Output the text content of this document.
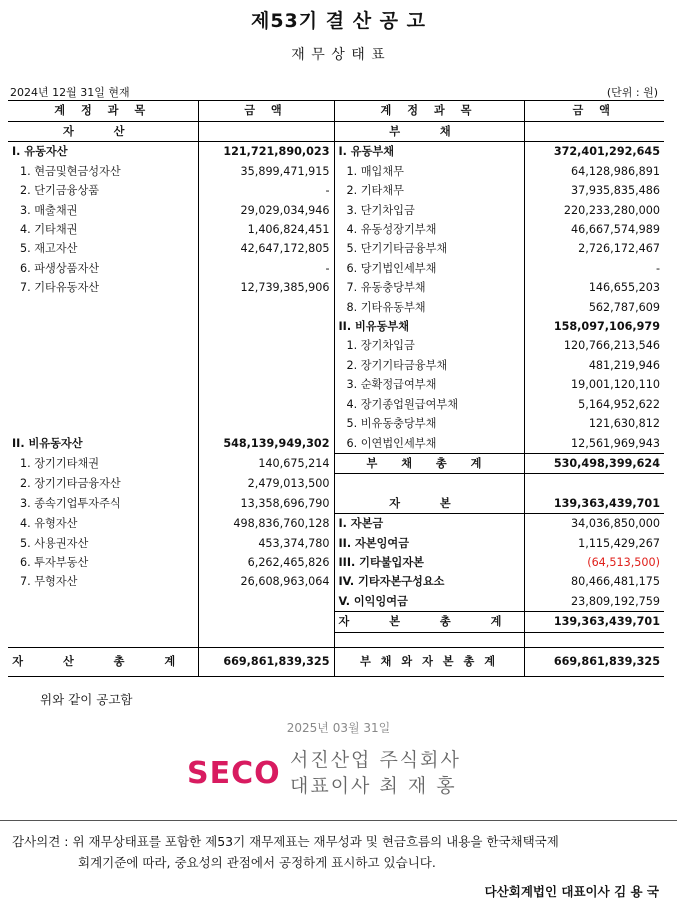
제53기 결 산 공 고
재 무 상 태 표
2024년 12월 31일 현재	(단위 : 원)
계 정 과 목	금 액	계 정 과 목	금 액
자 산		부 채	
I. 유동자산	121,721,890,023	I. 유동부채	372,401,292,645
1. 현금및현금성자산	35,899,471,915	1. 매입채무	64,128,986,891
2. 단기금융상품	-	2. 기타채무	37,935,835,486
3. 매출채권	29,029,034,946	3. 단기차입금	220,233,280,000
4. 기타채권	1,406,824,451	4. 유동성장기부채	46,667,574,989
5. 재고자산	42,647,172,805	5. 단기기타금융부채	2,726,172,467
6. 파생상품자산	-	6. 당기법인세부채	-
7. 기타유동자산	12,739,385,906	7. 유동충당부채	146,655,203
		8. 기타유동부채	562,787,609
		II. 비유동부채	158,097,106,979
		1. 장기차입금	120,766,213,546
		2. 장기기타금융부채	481,219,946
		3. 순확정급여부채	19,001,120,110
		4. 장기종업원급여부채	5,164,952,622
		5. 비유동충당부채	121,630,812
II. 비유동자산	548,139,949,302	6. 이연법인세부채	12,561,969,943
1. 장기기타채권	140,675,214	부 채 총 계	530,498,399,624
2. 장기기타금융자산	2,479,013,500		
3. 종속기업투자주식	13,358,696,790	자 본	139,363,439,701
4. 유형자산	498,836,760,128	I. 자본금	34,036,850,000
5. 사용권자산	453,374,780	II. 자본잉여금	1,115,429,267
6. 투자부동산	6,262,465,826	III. 기타불입자본	(64,513,500)
7. 무형자산	26,608,963,064	IV. 기타자본구성요소	80,466,481,175
		V. 이익잉여금	23,809,192,759
		자 본 총 계	139,363,439,701

자 산 총 계	669,861,839,325	부 채 와 자 본 총 계	669,861,839,325
위와 같이 공고함
2025년 03월 31일
SECO 서진산업 주식회사
대표이사 최 재 홍
감사의견 : 위 재무상태표를 포함한 제53기 재무제표는 재무성과 및 현금흐름의 내용을 한국채택국제
회계기준에 따라, 중요성의 관점에서 공정하게 표시하고 있습니다.
다산회계법인 대표이사 김 용 국
